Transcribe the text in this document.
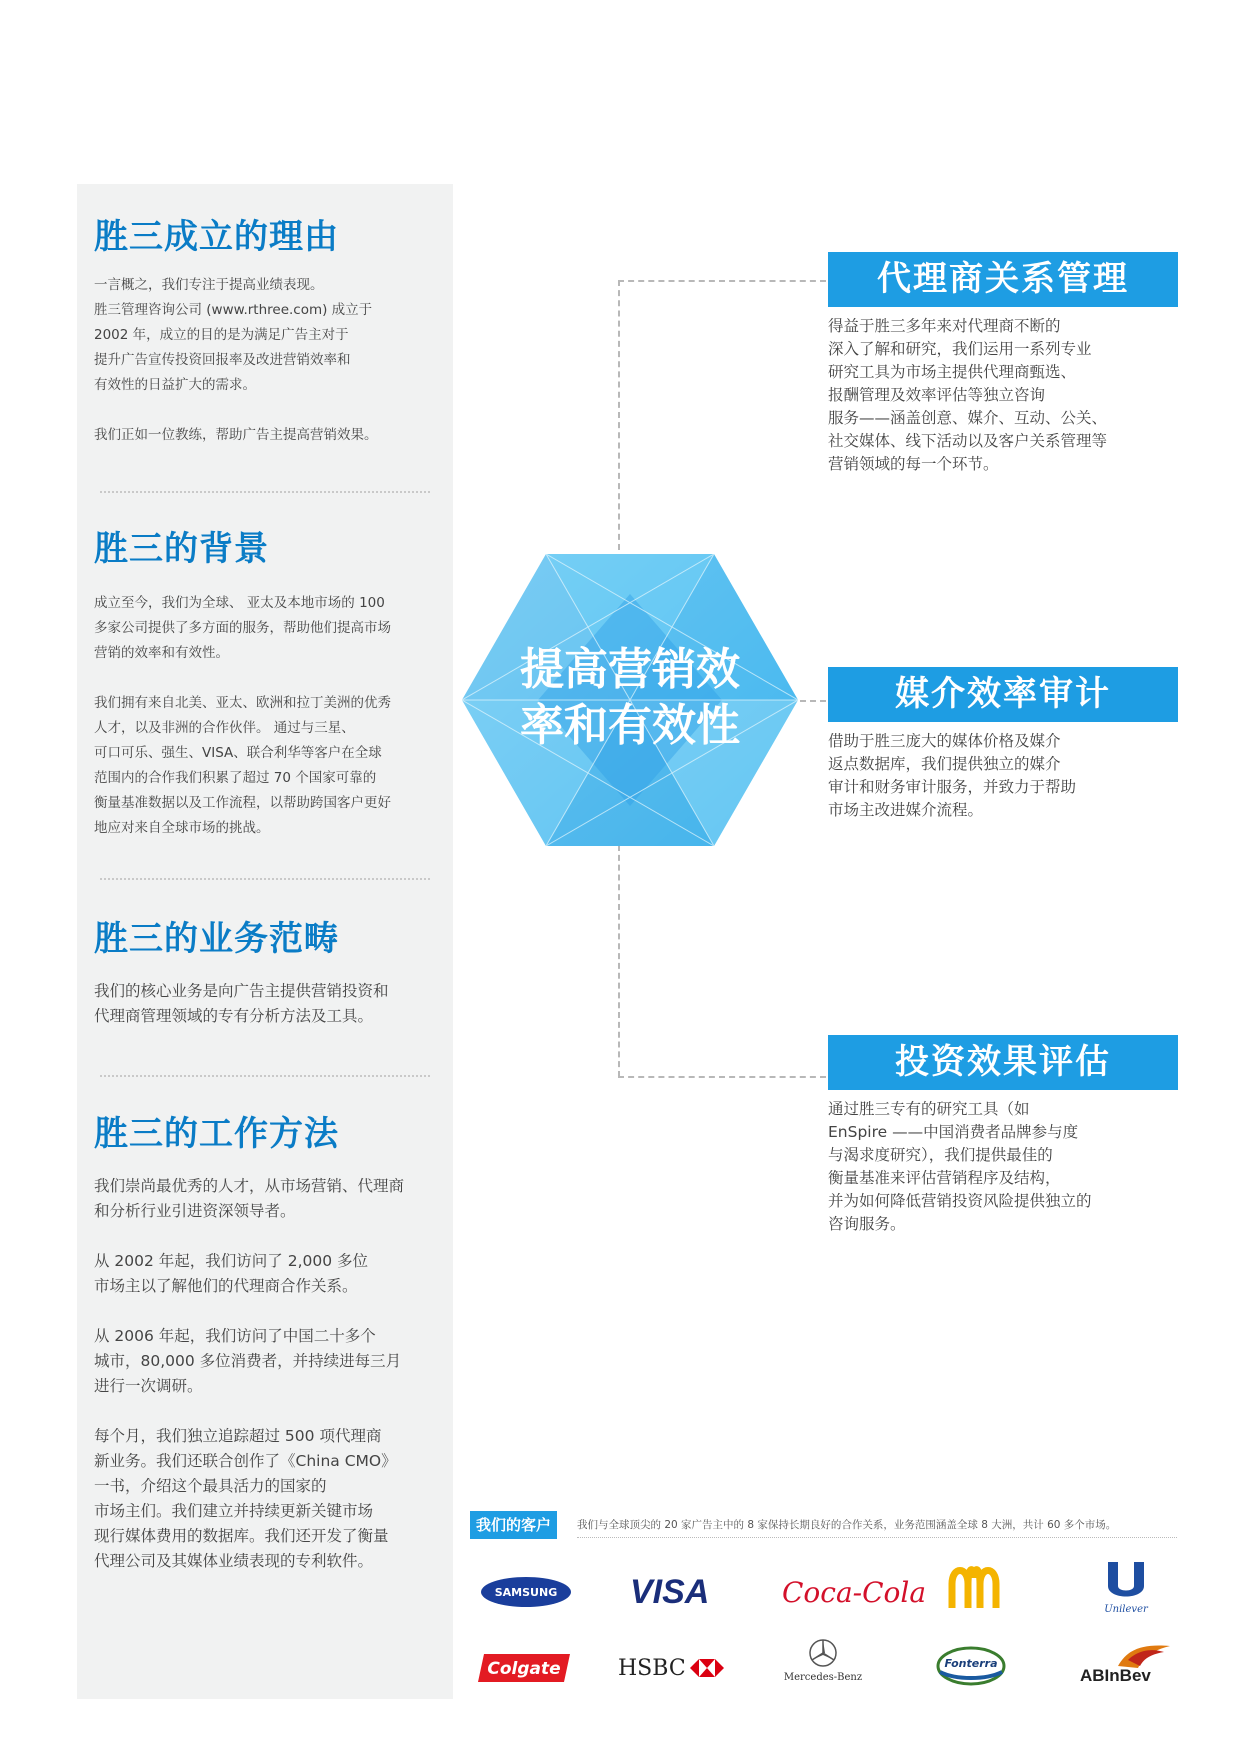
胜三成立的理由

一言概之，我们专注于提高业绩表现。
胜三管理咨询公司 (www.rthree.com) 成立于
2002 年，成立的目的是为满足广告主对于
提升广告宣传投资回报率及改进营销效率和
有效性的日益扩大的需求。

我们正如一位教练，帮助广告主提高营销效果。

胜三的背景

成立至今，我们为全球、 亚太及本地市场的 100
多家公司提供了多方面的服务，帮助他们提高市场
营销的效率和有效性。

我们拥有来自北美、亚太、欧洲和拉丁美洲的优秀
人才，以及非洲的合作伙伴。 通过与三星、
可口可乐、强生、VISA、联合利华等客户在全球
范围内的合作我们积累了超过 70 个国家可靠的
衡量基准数据以及工作流程，以帮助跨国客户更好
地应对来自全球市场的挑战。

胜三的业务范畴

我们的核心业务是向广告主提供营销投资和
代理商管理领域的专有分析方法及工具。

胜三的工作方法

我们崇尚最优秀的人才，从市场营销、代理商
和分析行业引进资深领导者。

从 2002 年起，我们访问了 2,000 多位
市场主以了解他们的代理商合作关系。

从 2006 年起，我们访问了中国二十多个
城市，80,000 多位消费者，并持续进每三月
进行一次调研。

每个月，我们独立追踪超过 500 项代理商
新业务。我们还联合创作了《China CMO》
一书，介绍这个最具活力的国家的
市场主们。我们建立并持续更新关键市场
现行媒体费用的数据库。我们还开发了衡量
代理公司及其媒体业绩表现的专利软件。

提高营销效
率和有效性
代理商关系管理
得益于胜三多年来对代理商不断的
深入了解和研究，我们运用一系列专业
研究工具为市场主提供代理商甄选、
报酬管理及效率评估等独立咨询
服务——涵盖创意、媒介、互动、公关、
社交媒体、线下活动以及客户关系管理等
营销领域的每一个环节。
媒介效率审计
借助于胜三庞大的媒体价格及媒介
返点数据库，我们提供独立的媒介
审计和财务审计服务，并致力于帮助
市场主改进媒介流程。
投资效果评估
通过胜三专有的研究工具（如
EnSpire ——中国消费者品牌参与度
与渴求度研究），我们提供最佳的
衡量基准来评估营销程序及结构，
并为如何降低营销投资风险提供独立的
咨询服务。
我们的客户	我们与全球顶尖的 20 家广告主中的 8 家保持长期良好的合作关系，业务范围涵盖全球 8 大洲，共计 60 多个市场。
SAMSUNG VISA	Coca-Cola
Unilever
Colgate	HSBC	Mercedes-Benz
Fonterra
ABInBev
